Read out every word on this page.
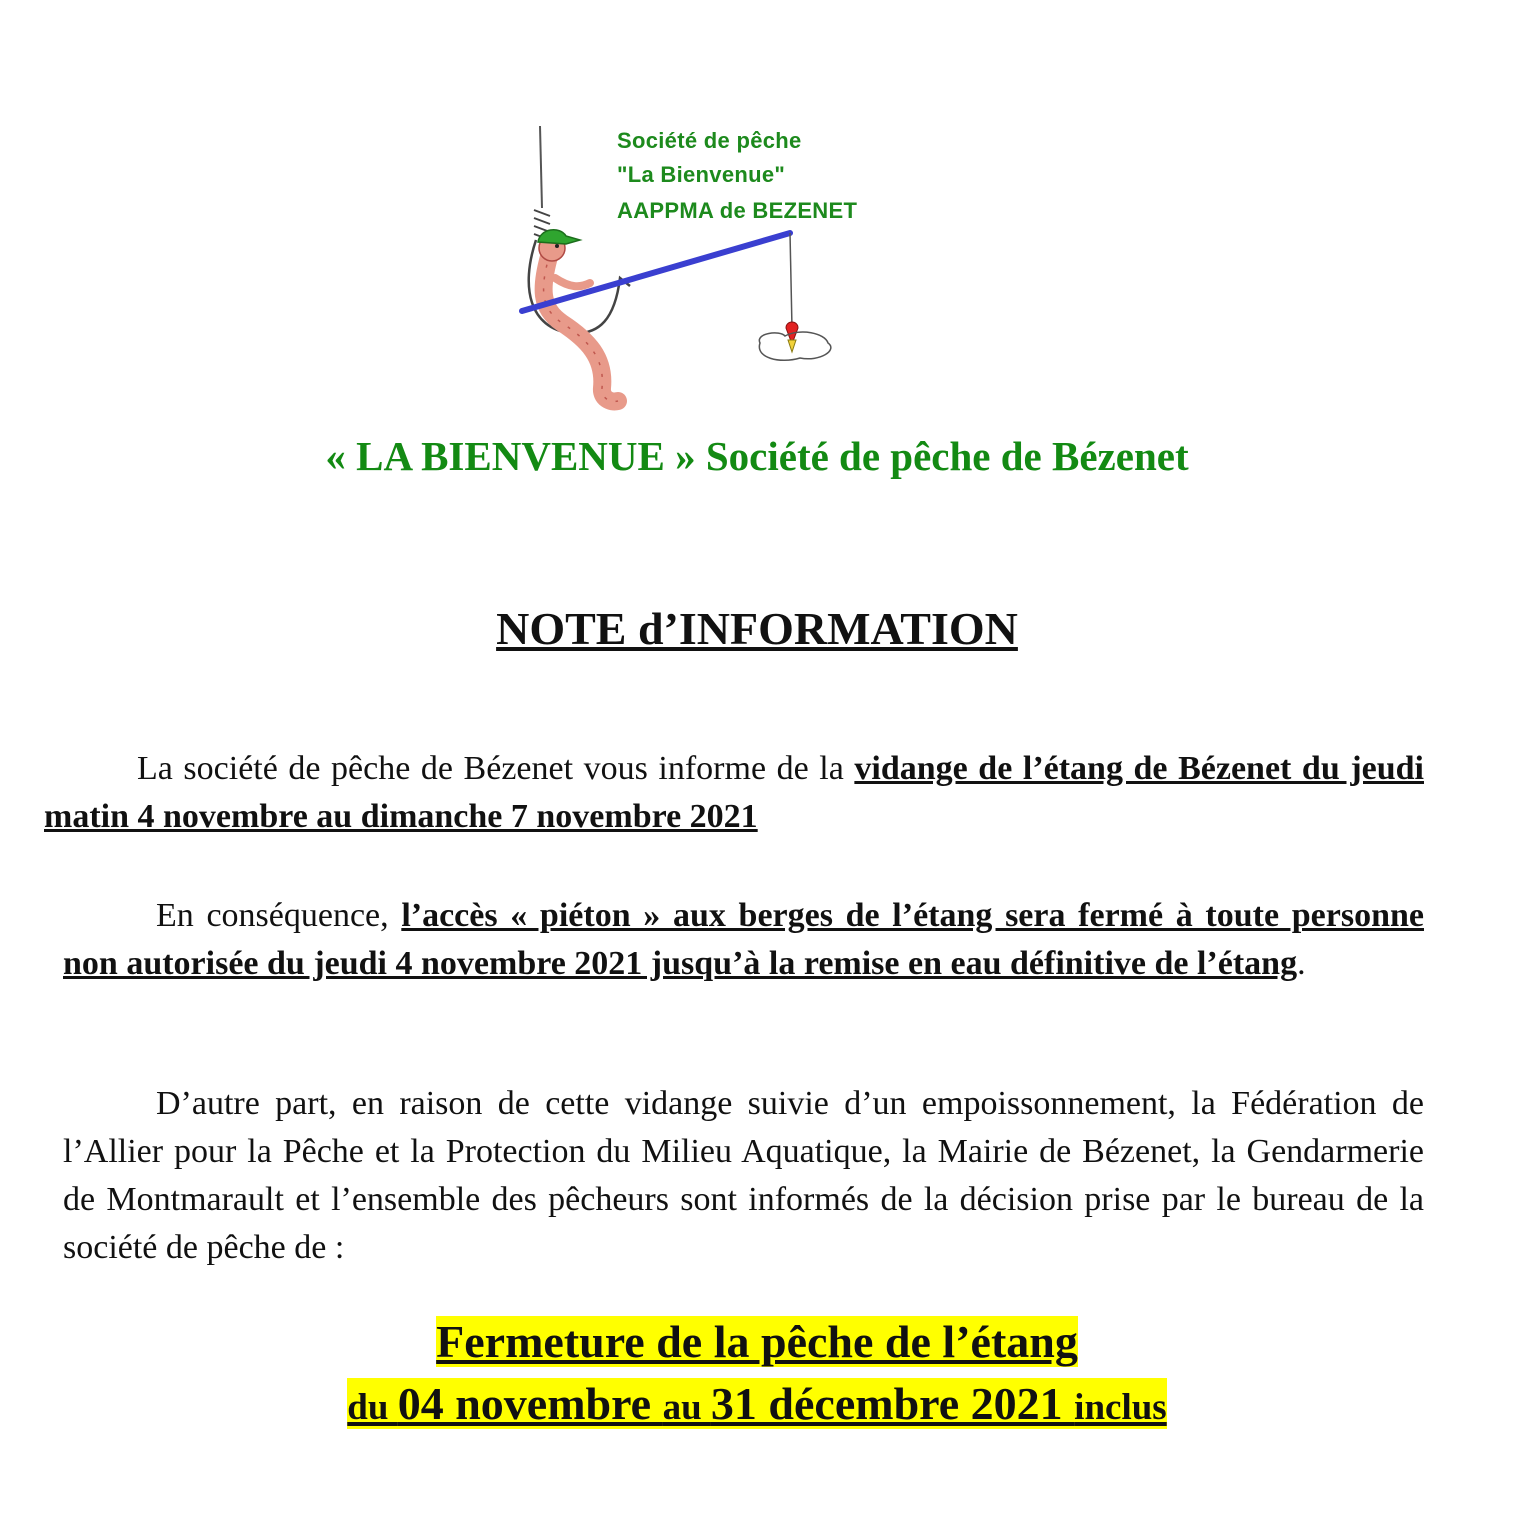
Société de pêche
"La Bienvenue"
AAPPMA de BEZENET
« LA BIENVENUE » Société de pêche de Bézenet
NOTE d’INFORMATION

La société de pêche de Bézenet vous informe de la vidange de l’étang de Bézenet du jeudi matin 4 novembre au dimanche 7 novembre 2021

En conséquence, l’accès « piéton » aux berges de l’étang sera fermé à toute personne non autorisée du jeudi 4 novembre 2021 jusqu’à la remise en eau définitive de l’étang.

D’autre part, en raison de cette vidange suivie d’un empoissonnement, la Fédération de l’Allier pour la Pêche et la Protection du Milieu Aquatique, la Mairie de Bézenet, la Gendarmerie de Montmarault et l’ensemble des pêcheurs sont informés de la décision prise par le bureau de la société de pêche de :

Fermeture de la pêche de l’étang
du 04 novembre au 31 décembre 2021 inclus
